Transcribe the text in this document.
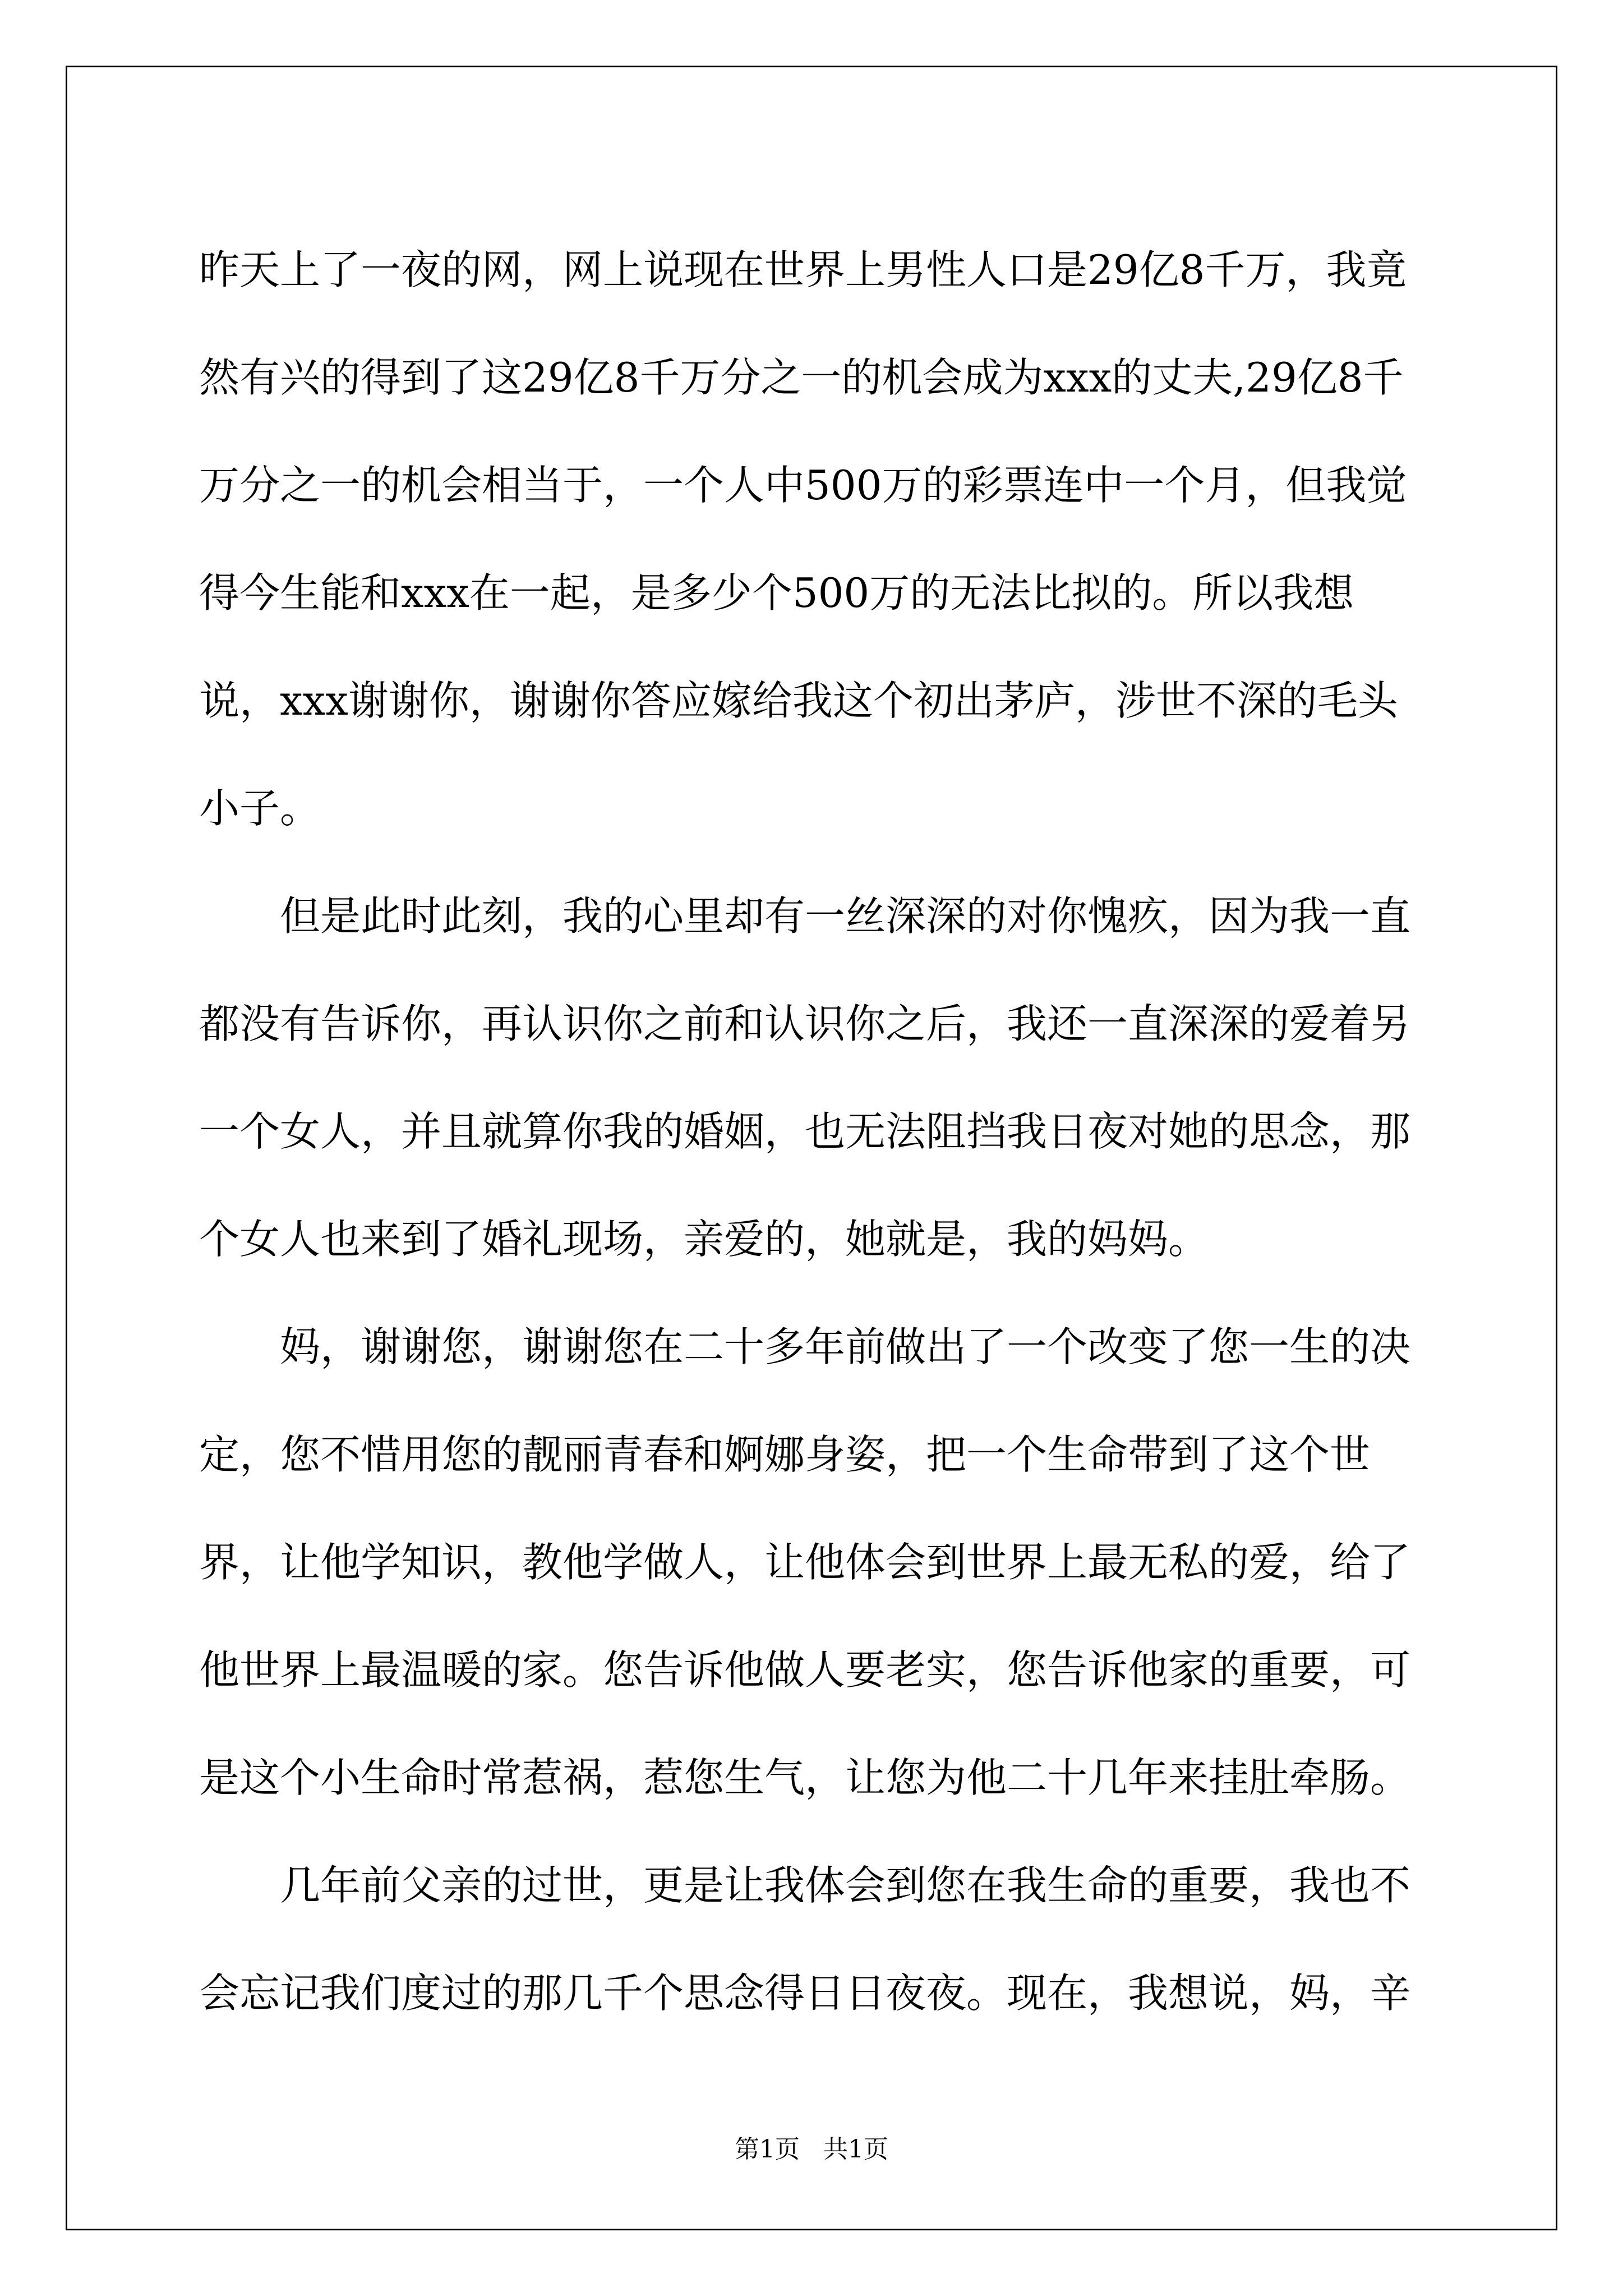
昨天上了一夜的网，网上说现在世界上男性人口是29亿8千万，我竟然有兴的得到了这29亿8千万分之一的机会成为xxx的丈夫,29亿8千万分之一的机会相当于，一个人中500万的彩票连中一个月，但我觉得今生能和xxx在一起，是多少个500万的无法比拟的。所以我想说，xxx谢谢你，谢谢你答应嫁给我这个初出茅庐，涉世不深的毛头小子。

但是此时此刻，我的心里却有一丝深深的对你愧疚，因为我一直都没有告诉你，再认识你之前和认识你之后，我还一直深深的爱着另一个女人，并且就算你我的婚姻，也无法阻挡我日夜对她的思念，那个女人也来到了婚礼现场，亲爱的，她就是，我的妈妈。

妈，谢谢您，谢谢您在二十多年前做出了一个改变了您一生的决定，您不惜用您的靓丽青春和婀娜身姿，把一个生命带到了这个世界，让他学知识，教他学做人，让他体会到世界上最无私的爱，给了他世界上最温暖的家。您告诉他做人要老实，您告诉他家的重要，可是这个小生命时常惹祸，惹您生气，让您为他二十几年来挂肚牵肠。

几年前父亲的过世，更是让我体会到您在我生命的重要，我也不会忘记我们度过的那几千个思念得日日夜夜。现在，我想说，妈，辛

第1页 共1页
